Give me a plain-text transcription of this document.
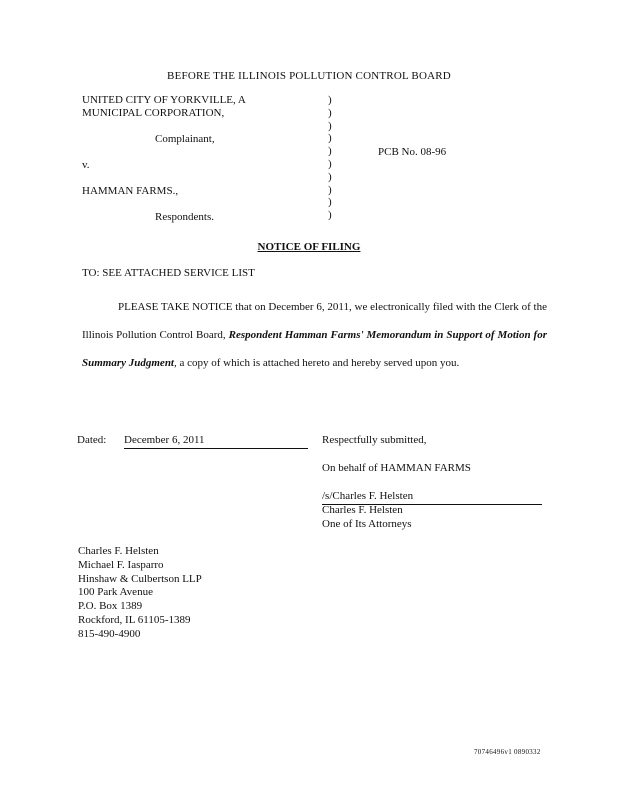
BEFORE THE ILLINOIS POLLUTION CONTROL BOARD
UNITED CITY OF YORKVILLE, A
MUNICIPAL CORPORATION,
Complainant,
v.
HAMMAN FARMS.,
Respondents.
)
)
)
)
)
)
)
)
)
)
PCB No. 08-96
NOTICE OF FILING
TO: SEE ATTACHED SERVICE LIST
PLEASE TAKE NOTICE that on December 6, 2011, we electronically filed with the Clerk of the Illinois Pollution Control Board, Respondent Hamman Farms' Memorandum in Support of Motion for Summary Judgment, a copy of which is attached hereto and hereby served upon you.
Dated: December 6, 2011	Respectfully submitted,
On behalf of HAMMAN FARMS
/s/Charles F. Helsten
Charles F. Helsten
One of Its Attorneys
Charles F. Helsten
Michael F. Iasparro
Hinshaw & Culbertson LLP
100 Park Avenue
P.O. Box 1389
Rockford, IL 61105-1389
815-490-4900
70746496v1 0890332
